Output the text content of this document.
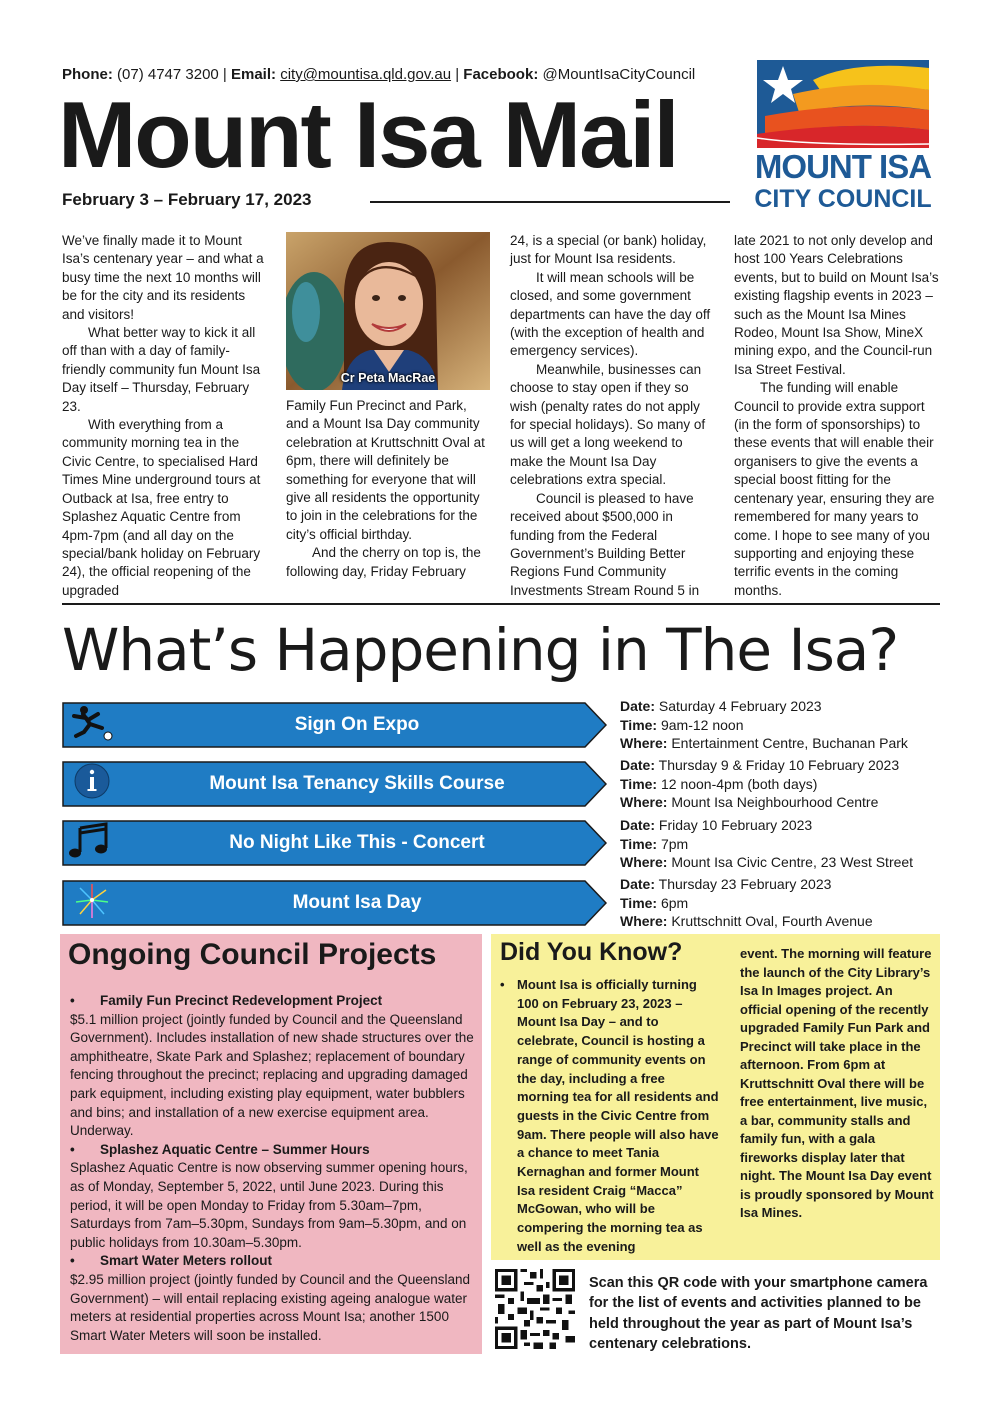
Phone: (07) 4747 3200 | Email: city@mountisa.qld.gov.au | Facebook: @MountIsaCityCouncil
Mount Isa Mail
February 3 – February 17, 2023
MOUNT ISA
CITY COUNCIL

We’ve finally made it to Mount Isa’s centenary year – and what a busy time the next 10 months will be for the city and its residents and visitors!

What better way to kick it all off than with a day of family-friendly community fun Mount Isa Day itself – Thursday, February 23.

With everything from a community morning tea in the Civic Centre, to specialised Hard Times Mine underground tours at Outback at Isa, free entry to Splashez Aquatic Centre from 4pm-7pm (and all day on the special/bank holiday on February 24), the official reopening of the upgraded

Cr Peta MacRae

Family Fun Precinct and Park, and a Mount Isa Day community celebration at Kruttschnitt Oval at 6pm, there will definitely be something for everyone that will give all residents the opportunity to join in the celebrations for the city’s official birthday.

And the cherry on top is, the following day, Friday February

24, is a special (or bank) holiday, just for Mount Isa residents.

It will mean schools will be closed, and some government departments can have the day off (with the exception of health and emergency services).

Meanwhile, businesses can choose to stay open if they so wish (penalty rates do not apply for special holidays). So many of us will get a long weekend to make the Mount Isa Day celebrations extra special.

Council is pleased to have received about $500,000 in funding from the Federal Government’s Building Better Regions Fund Community Investments Stream Round 5 in

late 2021 to not only develop and host 100 Years Celebrations events, but to build on Mount Isa’s existing flagship events in 2023 – such as the Mount Isa Mines Rodeo, Mount Isa Show, MineX mining expo, and the Council-run Isa Street Festival.

The funding will enable Council to provide extra support (in the form of sponsorships) to these events that will enable their organisers to give the events a special boost fitting for the centenary year, ensuring they are remembered for many years to come. I hope to see many of you supporting and enjoying these terrific events in the coming months.

What’s Happening in The Isa?
Sign On Expo
Date: Saturday 4 February 2023
Time: 9am-12 noon
Where: Entertainment Centre, Buchanan Park
Mount Isa Tenancy Skills Course
Date: Thursday 9 & Friday 10 February 2023
Time: 12 noon-4pm (both days)
Where: Mount Isa Neighbourhood Centre
No Night Like This - Concert
Date: Friday 10 February 2023
Time: 7pm
Where: Mount Isa Civic Centre, 23 West Street
Mount Isa Day
Date: Thursday 23 February 2023
Time: 6pm
Where: Kruttschnitt Oval, Fourth Avenue
Ongoing Council Projects
• Family Fun Precinct Redevelopment Project
$5.1 million project (jointly funded by Council and the Queensland Government). Includes installation of new shade structures over the amphitheatre, Skate Park and Splashez; replacement of boundary fencing throughout the precinct; replacing and upgrading damaged park equipment, including existing play equipment, water bubblers and bins; and installation of a new exercise equipment area. Underway.
• Splashez Aquatic Centre – Summer Hours
Splashez Aquatic Centre is now observing summer opening hours, as of Monday, September 5, 2022, until June 2023. During this period, it will be open Monday to Friday from 5.30am–7pm, Saturdays from 7am–5.30pm, Sundays from 9am–5.30pm, and on public holidays from 10.30am–5.30pm.
• Smart Water Meters rollout
$2.95 million project (jointly funded by Council and the Queensland Government) – will entail replacing existing ageing analogue water meters at residential properties across Mount Isa; another 1500 Smart Water Meters will soon be installed.
Did You Know?
• Mount Isa is officially turning 100 on February 23, 2023 – Mount Isa Day – and to celebrate, Council is hosting a range of community events on the day, including a free morning tea for all residents and guests in the Civic Centre from 9am. There people will also have a chance to meet Tania Kernaghan and former Mount Isa resident Craig “Macca” McGowan, who will be compering the morning tea as well as the evening
event. The morning will feature the launch of the City Library’s Isa In Images project. An official opening of the recently upgraded Family Fun Park and Precinct will take place in the afternoon. From 6pm at Kruttschnitt Oval there will be free entertainment, live music, a bar, community stalls and family fun, with a gala fireworks display later that night. The Mount Isa Day event is proudly sponsored by Mount Isa Mines.
Scan this QR code with your smartphone camera for the list of events and activities planned to be held throughout the year as part of Mount Isa’s centenary celebrations.
